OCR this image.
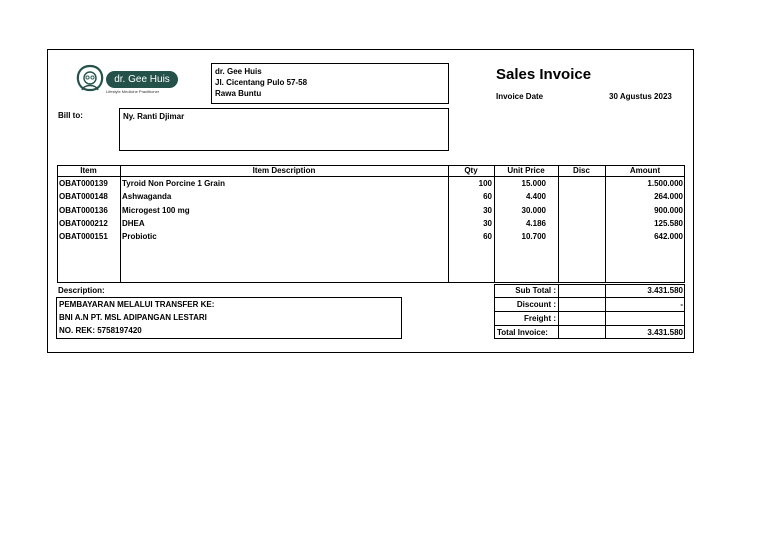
dr. Gee Huis
Lifestyle Medicine Practitioner
dr. Gee Huis
Jl. Cicentang Pulo 57-58
Rawa Buntu
Sales Invoice
Invoice Date	30 Agustus 2023
Bill to:	Ny. Ranti Djimar
Item	Item Description	Qty	Unit Price	Disc	Amount
OBAT000139 Tyroid Non Porcine 1 Grain	100	15.000	1.500.000
OBAT000148 Ashwaganda	60	4.400	264.000
OBAT000136 Microgest 100 mg	30	30.000	900.000
OBAT000212 DHEA	30	4.186	125.580
OBAT000151 Probiotic	60	10.700	642.000
Description:
PEMBAYARAN MELALUI TRANSFER KE:
BNI A.N PT. MSL ADIPANGAN LESTARI
NO. REK: 5758197420
Sub Total :	3.431.580
Discount :	-
Freight :
Total Invoice:	3.431.580
